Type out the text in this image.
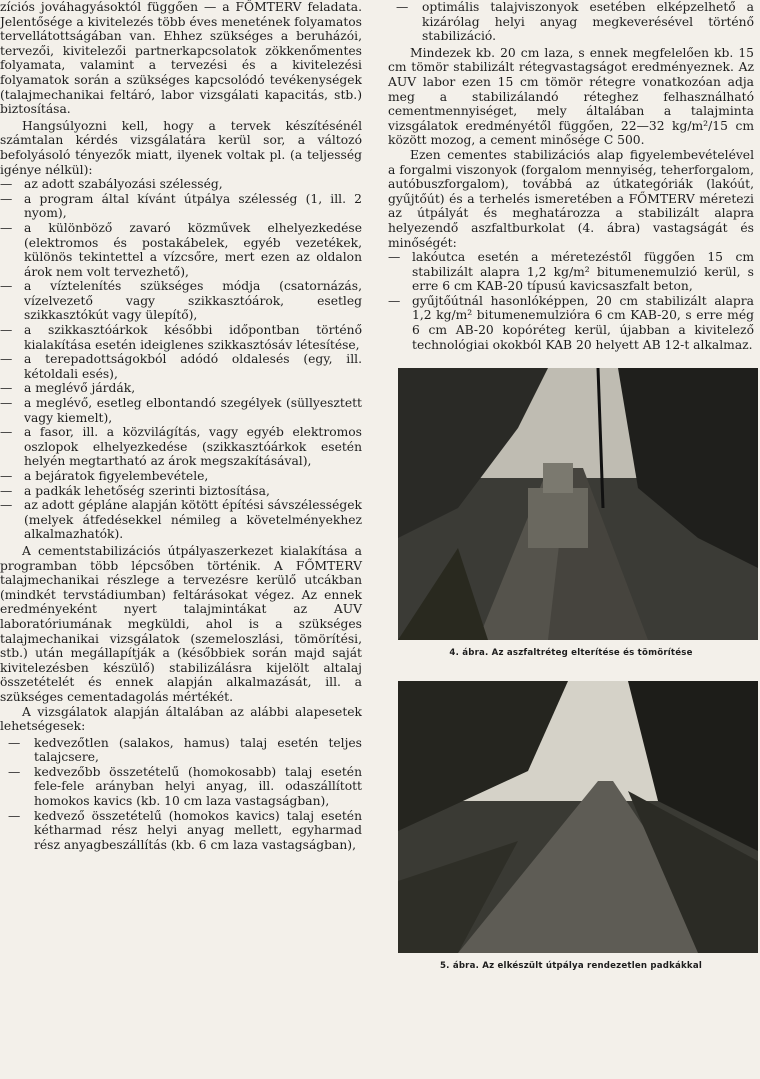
zíciós jováhagyásoktól függően — a FŐMTERV feladata. Jelentősége a kivitelezés több éves menetének folyamatos tervellátottságában van. Ehhez szükséges a beruházói, tervezői, kivitelezői partnerkapcsolatok zökkenőmentes folyamata, valamint a tervezési és a kivitelezési folyamatok során a szükséges kapcsolódó tevékenységek (talajmechanikai feltáró, labor vizsgálati kapacitás, stb.) biztosítása.

Hangsúlyozni kell, hogy a tervek készítésénél számtalan kérdés vizsgálatára kerül sor, a változó befolyásoló tényezők miatt, ilyenek voltak pl. (a teljesség igénye nélkül):

— az adott szabályozási szélesség,
— a program által kívánt útpálya szélesség (1, ill. 2 nyom),
— a különböző zavaró közművek elhelyezkedése (elektromos és postakábelek, egyéb vezetékek, különös tekintettel a vízcsőre, mert ezen az oldalon árok nem volt tervezhető),
— a víztelenítés szükséges módja (csatornázás, vízelvezető vagy szikkasztóárok, esetleg szikkasztókút vagy ülepítő),
— a szikkasztóárkok későbbi időpontban történő kialakítása esetén ideiglenes szikkasztósáv létesítése,
— a terepadottságokból adódó oldalesés (egy, ill. kétoldali esés),
— a meglévő járdák,
— a meglévő, esetleg elbontandó szegélyek (süllyesztett vagy kiemelt),
— a fasor, ill. a közvilágítás, vagy egyéb elektromos oszlopok elhelyezkedése (szikkasztóárkok esetén helyén megtartható az árok megszakításával),
— a bejáratok figyelembevétele,
— a padkák lehetőség szerinti biztosítása,
— az adott gépláne alapján kötött építési sávszélességek (melyek átfedésekkel némileg a követelményekhez alkalmazhatók).

A cementstabilizációs útpályaszerkezet kialakítása a programban több lépcsőben történik. A FŐMTERV talajmechanikai részlege a tervezésre kerülő utcákban (mindkét tervstádiumban) feltárásokat végez. Az ennek eredményeként nyert talajmintákat az AUV laboratóriumának megküldi, ahol is a szükséges talajmechanikai vizsgálatok (szemeloszlási, tömörítési, stb.) után megállapítják a (későbbiek során majd saját kivitelezésben készülő) stabilizálásra kijelölt altalaj összetételét és ennek alapján alkalmazását, ill. a szükséges cementadagolás mértékét.

A vizsgálatok alapján általában az alábbi alapesetek lehetségesek:

— kedvezőtlen (salakos, hamus) talaj esetén teljes talajcsere,
— kedvezőbb összetételű (homokosabb) talaj esetén fele-fele arányban helyi anyag, ill. odaszállított homokos kavics (kb. 10 cm laza vastagságban),
— kedvező összetételű (homokos kavics) talaj esetén kétharmad rész helyi anyag mellett, egyharmad rész anyagbeszállítás (kb. 6 cm laza vastagságban),
— optimális talajviszonyok esetében elképzelhető a kizárólag helyi anyag megkeverésével történő stabilizáció.

Mindezek kb. 20 cm laza, s ennek megfelelően kb. 15 cm tömör stabilizált rétegvastagságot eredményeznek. Az AUV labor ezen 15 cm tömör rétegre vonatkozóan adja meg a stabilizálandó réteghez felhasználható cementmennyiséget, mely általában a talajminta vizsgálatok eredményétől függően, 22—32 kg/m²/15 cm között mozog, a cement minősége C 500.

Ezen cementes stabilizációs alap figyelembevételével a forgalmi viszonyok (forgalom mennyiség, teherforgalom, autóbuszforgalom), továbbá az útkategóriák (lakóút, gyűjtőút) és a terhelés ismeretében a FŐMTERV méretezi az útpályát és meghatározza a stabilizált alapra helyezendő aszfaltburkolat (4. ábra) vastagságát és minőségét:

— lakóutca esetén a méretezéstől függően 15 cm stabilizált alapra 1,2 kg/m² bitumenemulzió kerül, s erre 6 cm KAB-20 típusú kavicsaszfalt beton,
— gyűjtőútnál hasonlóképpen, 20 cm stabilizált alapra 1,2 kg/m² bitumenemulzióra 6 cm KAB-20, s erre még 6 cm AB-20 kopóréteg kerül, újabban a kivitelező technológiai okokból KAB 20 helyett AB 12-t alkalmaz.
4. ábra. Az aszfaltréteg elterítése és tömörítése
5. ábra. Az elkészült útpálya rendezetlen padkákkal
